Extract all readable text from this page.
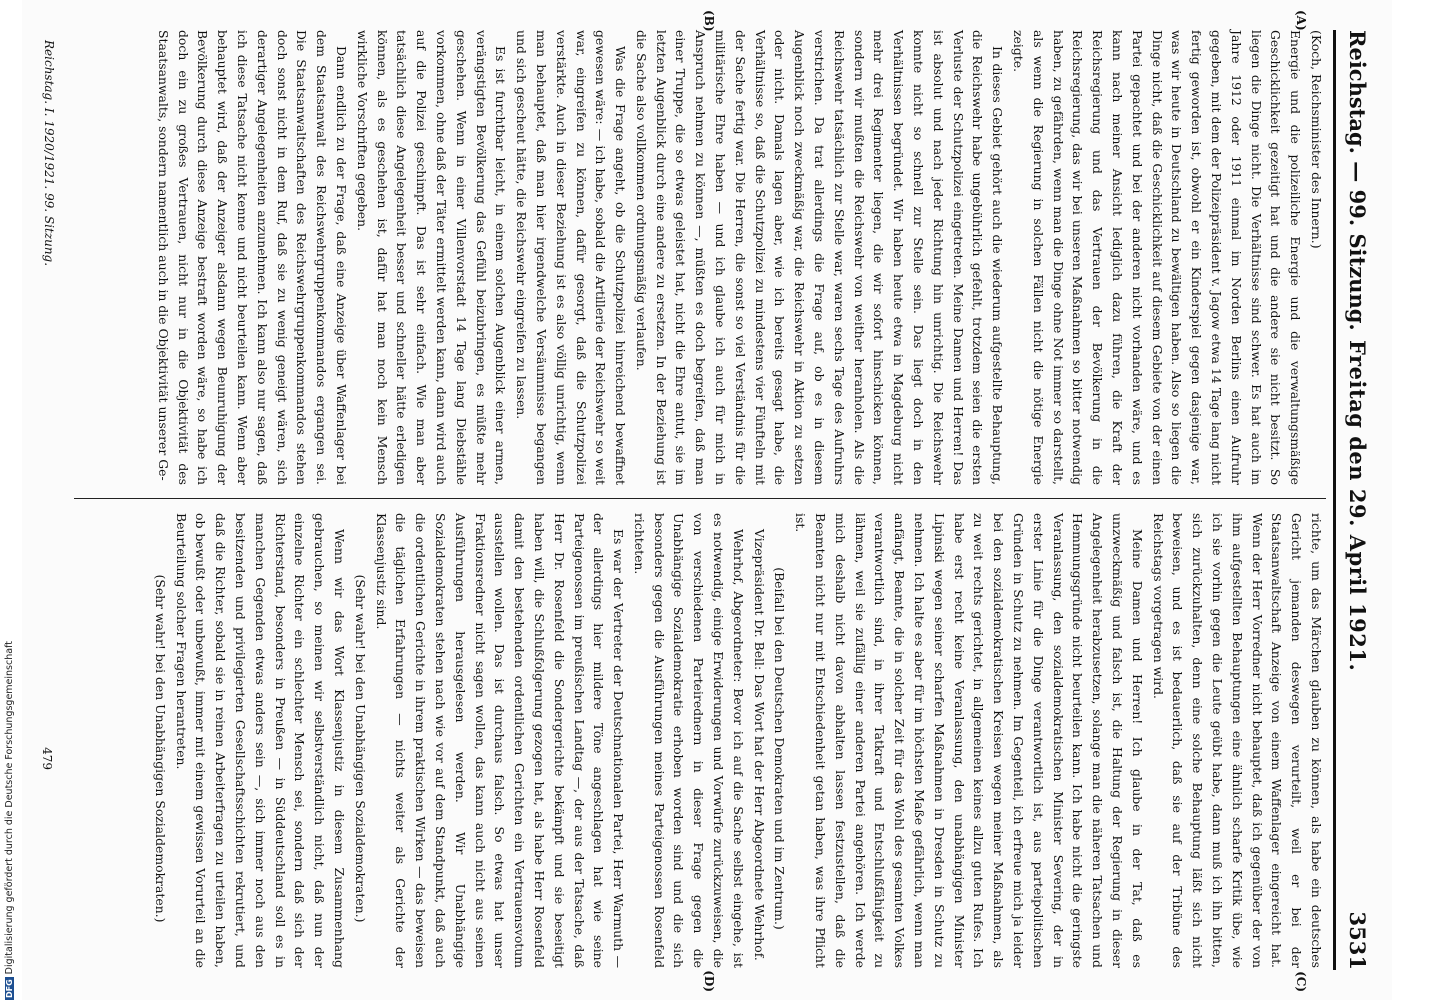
Reichstag. — 99. Sitzung.
Freitag den 29. April 1921.
3531
(A)
(B)
(C)
(D)

(Koch, Reichsminister des Innern.)

Energie und die polizeiliche Energie und die verwaltungsmäßige Geschicklichkeit gezeitigt hat und die andere sie nicht besitzt. So liegen die Dinge nicht. Die Verhältnisse sind schwer. Es hat auch im Jahre 1912 oder 1911 einmal im Norden Berlins einen Aufruhr gegeben, mit dem der Polizeipräsident v. Jagow etwa 14 Tage lang nicht fertig geworden ist, obwohl er ein Kinderspiel gegen dasjenige war, was wir heute in Deutschland zu bewältigen haben. Also so liegen die Dinge nicht, daß die Geschicklichkeit auf diesem Gebiete von der einen Partei gepachtet und bei der anderen nicht vorhanden wäre, und es kann nach meiner Ansicht lediglich dazu führen, die Kraft der Reichsregierung und das Vertrauen der Bevölkerung in die Reichsregierung, das wir bei unseren Maßnahmen so bitter notwendig haben, zu gefährden, wenn man die Dinge ohne Not immer so darstellt, als wenn die Regierung in solchen Fällen nicht die nötige Energie zeigte.

In dieses Gebiet gehört auch die wiederum aufgestellte Behauptung, die Reichswehr habe ungebührlich gefehlt, trotzdem seien die ersten Verluste der Schutzpolizei eingetreten. Meine Damen und Herren! Das ist absolut und nach jeder Richtung hin unrichtig. Die Reichswehr konnte nicht so schnell zur Stelle sein. Das liegt doch in den Verhältnissen begründet. Wir haben heute etwa in Magdeburg nicht mehr drei Regimenter liegen, die wir sofort hinschicken können, sondern wir mußten die Reichswehr von weither heranholen. Als die Reichswehr tatsächlich zur Stelle war, waren sechs Tage des Aufruhrs verstrichen. Da trat allerdings die Frage auf, ob es in diesem Augenblick noch zweckmäßig war, die Reichswehr in Aktion zu setzen oder nicht. Damals lagen aber, wie ich bereits gesagt habe, die Verhältnisse so, daß die Schutzpolizei zu mindestens vier Fünfteln mit der Sache fertig war. Die Herren, die sonst so viel Verständnis für die militärische Ehre haben — und ich glaube ich auch für mich in Anspruch nehmen zu können —, müßten es doch begreifen, daß man einer Truppe, die so etwas geleistet hat, nicht die Ehre antut, sie im letzten Augenblick durch eine andere zu ersetzen. In der Beziehung ist die Sache also vollkommen ordnungsmäßig verlaufen.

Was die Frage angeht, ob die Schutzpolizei hinreichend bewaffnet gewesen wäre: — ich habe, sobald die Artillerie der Reichswehr so weit war, eingreifen zu können, dafür gesorgt, daß die Schutzpolizei verstärkte. Auch in dieser Beziehung ist es also völlig unrichtig, wenn man behauptet, daß man hier irgendwelche Versäumnisse begangen und sich gescheut hätte, die Reichswehr eingreifen zu lassen.

Es ist furchtbar leicht, in einem solchen Augenblick einer armen, verängstigten Bevölkerung das Gefühl beizubringen, es müßte mehr geschehen. Wenn in einer Villenvorstadt 14 Tage lang Diebstähle vorkommen, ohne daß der Täter ermittelt werden kann, dann wird auch auf die Polizei geschimpft. Das ist sehr einfach. Wie man aber tatsächlich diese Angelegenheit besser und schneller hätte erledigen können, als es geschehen ist, dafür hat man noch kein Mensch wirkliche Vorschriften gegeben.

Dann endlich zu der Frage, daß eine Anzeige über Waffenlager bei dem Staatsanwalt des Reichswehrgruppenkommandos ergangen sei. Die Staatsanwaltschaften des Reichswehrgruppenkommandos stehen doch sonst nicht in dem Ruf, daß sie zu wenig geneigt wären, sich derartiger Angelegenheiten anzunehmen. Ich kann also nur sagen, daß ich diese Tatsache nicht kenne und nicht beurteilen kann. Wenn aber behauptet wird, daß der Anzeiger alsdann wegen Beunruhigung der Bevölkerung durch diese Anzeige bestraft worden wäre, so habe ich doch ein zu großes Vertrauen, nicht nur in die Objektivität des Staatsanwalts, sondern namentlich auch in die Objektivität unserer Ge-

richte, um das Märchen glauben zu können, als habe ein deutsches Gericht jemanden deswegen verurteilt, weil er bei der Staatsanwaltschaft Anzeige von einem Waffenlager eingereicht hat. Wenn der Herr Vorredner nicht behauptet, daß ich gegenüber der von ihm aufgestellten Behauptungen eine ähnlich scharfe Kritik übe, wie ich sie vorhin gegen die Leute geübt habe, dann muß ich ihn bitten, sich zurückzuhalten, denn eine solche Behauptung läßt sich nicht beweisen, und es ist bedauerlich, daß sie auf der Tribüne des Reichstags vorgetragen wird.

Meine Damen und Herren! Ich glaube in der Tat, daß es unzweckmäßig und falsch ist, die Haltung der Regierung in dieser Angelegenheit herabzusetzen, solange man die näheren Tatsachen und Hemmungsgründe nicht beurteilen kann. Ich habe nicht die geringste Veranlassung, den sozialdemokratischen Minister Severing, der in erster Linie für die Dinge verantwortlich ist, aus parteipolitischen Gründen in Schutz zu nehmen. Im Gegenteil, ich erfreue mich ja leider bei den sozialdemokratischen Kreisen wegen meiner Maßnahmen, als zu weit rechts gerichtet, in allgemeinen keines allzu guten Rufes. Ich habe erst recht keine Veranlassung, den unabhängigen Minister Lipinski wegen seiner scharfen Maßnahmen in Dresden in Schutz zu nehmen. Ich halte es aber für im höchsten Maße gefährlich, wenn man anfängt, Beamte, die in solcher Zeit für das Wohl des gesamten Volkes verantwortlich sind, in ihrer Tatkraft und Entschlußfähigkeit zu lähmen, weil sie zufällig einer anderen Partei angehören. Ich werde mich deshalb nicht davon abhalten lassen festzustellen, daß die Beamten nicht nur mit Entschiedenheit getan haben, was ihre Pflicht ist.

(Beifall bei den Deutschen Demokraten und im Zentrum.)

Vizepräsident Dr. Bell: Das Wort hat der Herr Abgeordnete Wehrhof.

Wehrhof, Abgeordneter: Bevor ich auf die Sache selbst eingehe, ist es notwendig, einige Erwiderungen und Vorwürfe zurückzuweisen, die von verschiedenen Parteirednern in dieser Frage gegen die Unabhängige Sozialdemokratie erhoben worden sind und die sich besonders gegen die Ausführungen meines Parteigenossen Rosenfeld richteten.

Es war der Vertreter der Deutschnationalen Partei, Herr Warmuth — der allerdings hier mildere Töne angeschlagen hat wie seine Parteigenossen im preußischen Landtag —, der aus der Tatsache, daß Herr Dr. Rosenfeld die Sondergerichte bekämpft und sie beseitigt haben will, die Schlußfolgerung gezogen hat, als habe Herr Rosenfeld damit den bestehenden ordentlichen Gerichten ein Vertrauensvotum ausstellen wollen. Das ist durchaus falsch. So etwas hat unser Fraktionsredner nicht sagen wollen, das kann auch nicht aus seinen Ausführungen herausgelesen werden. Wir Unabhängige Sozialdemokraten stehen nach wie vor auf dem Standpunkt, daß auch die ordentlichen Gerichte in ihrem praktischen Wirken — das beweisen die täglichen Erfahrungen — nichts weiter als Gerichte der Klassenjustiz sind.

(Sehr wahr! bei den Unabhängigen Sozialdemokraten.)

Wenn wir das Wort Klassenjustiz in diesem Zusammenhang gebrauchen, so meinen wir selbstverständlich nicht, daß nun der einzelne Richter ein schlechter Mensch sei, sondern daß sich der Richterstand, besonders in Preußen — in Süddeutschland soll es in manchen Gegenden etwas anders sein —, sich immer noch aus den besitzenden und privilegierten Gesellschaftsschichten rekrutiert, und daß die Richter, sobald sie in reinen Arbeiterfragen zu urteilen haben, ob bewußt oder unbewußt, immer mit einem gewissen Vorurteil an die Beurteilung solcher Fragen herantreten.

(Sehr wahr! bei den Unabhängigen Sozialdemokraten.)

Reichstag. I. 1920/1921. 99. Sitzung.
479
DFGDigitalisierung gefördert durch die Deutsche Forschungsgemeinschaft
